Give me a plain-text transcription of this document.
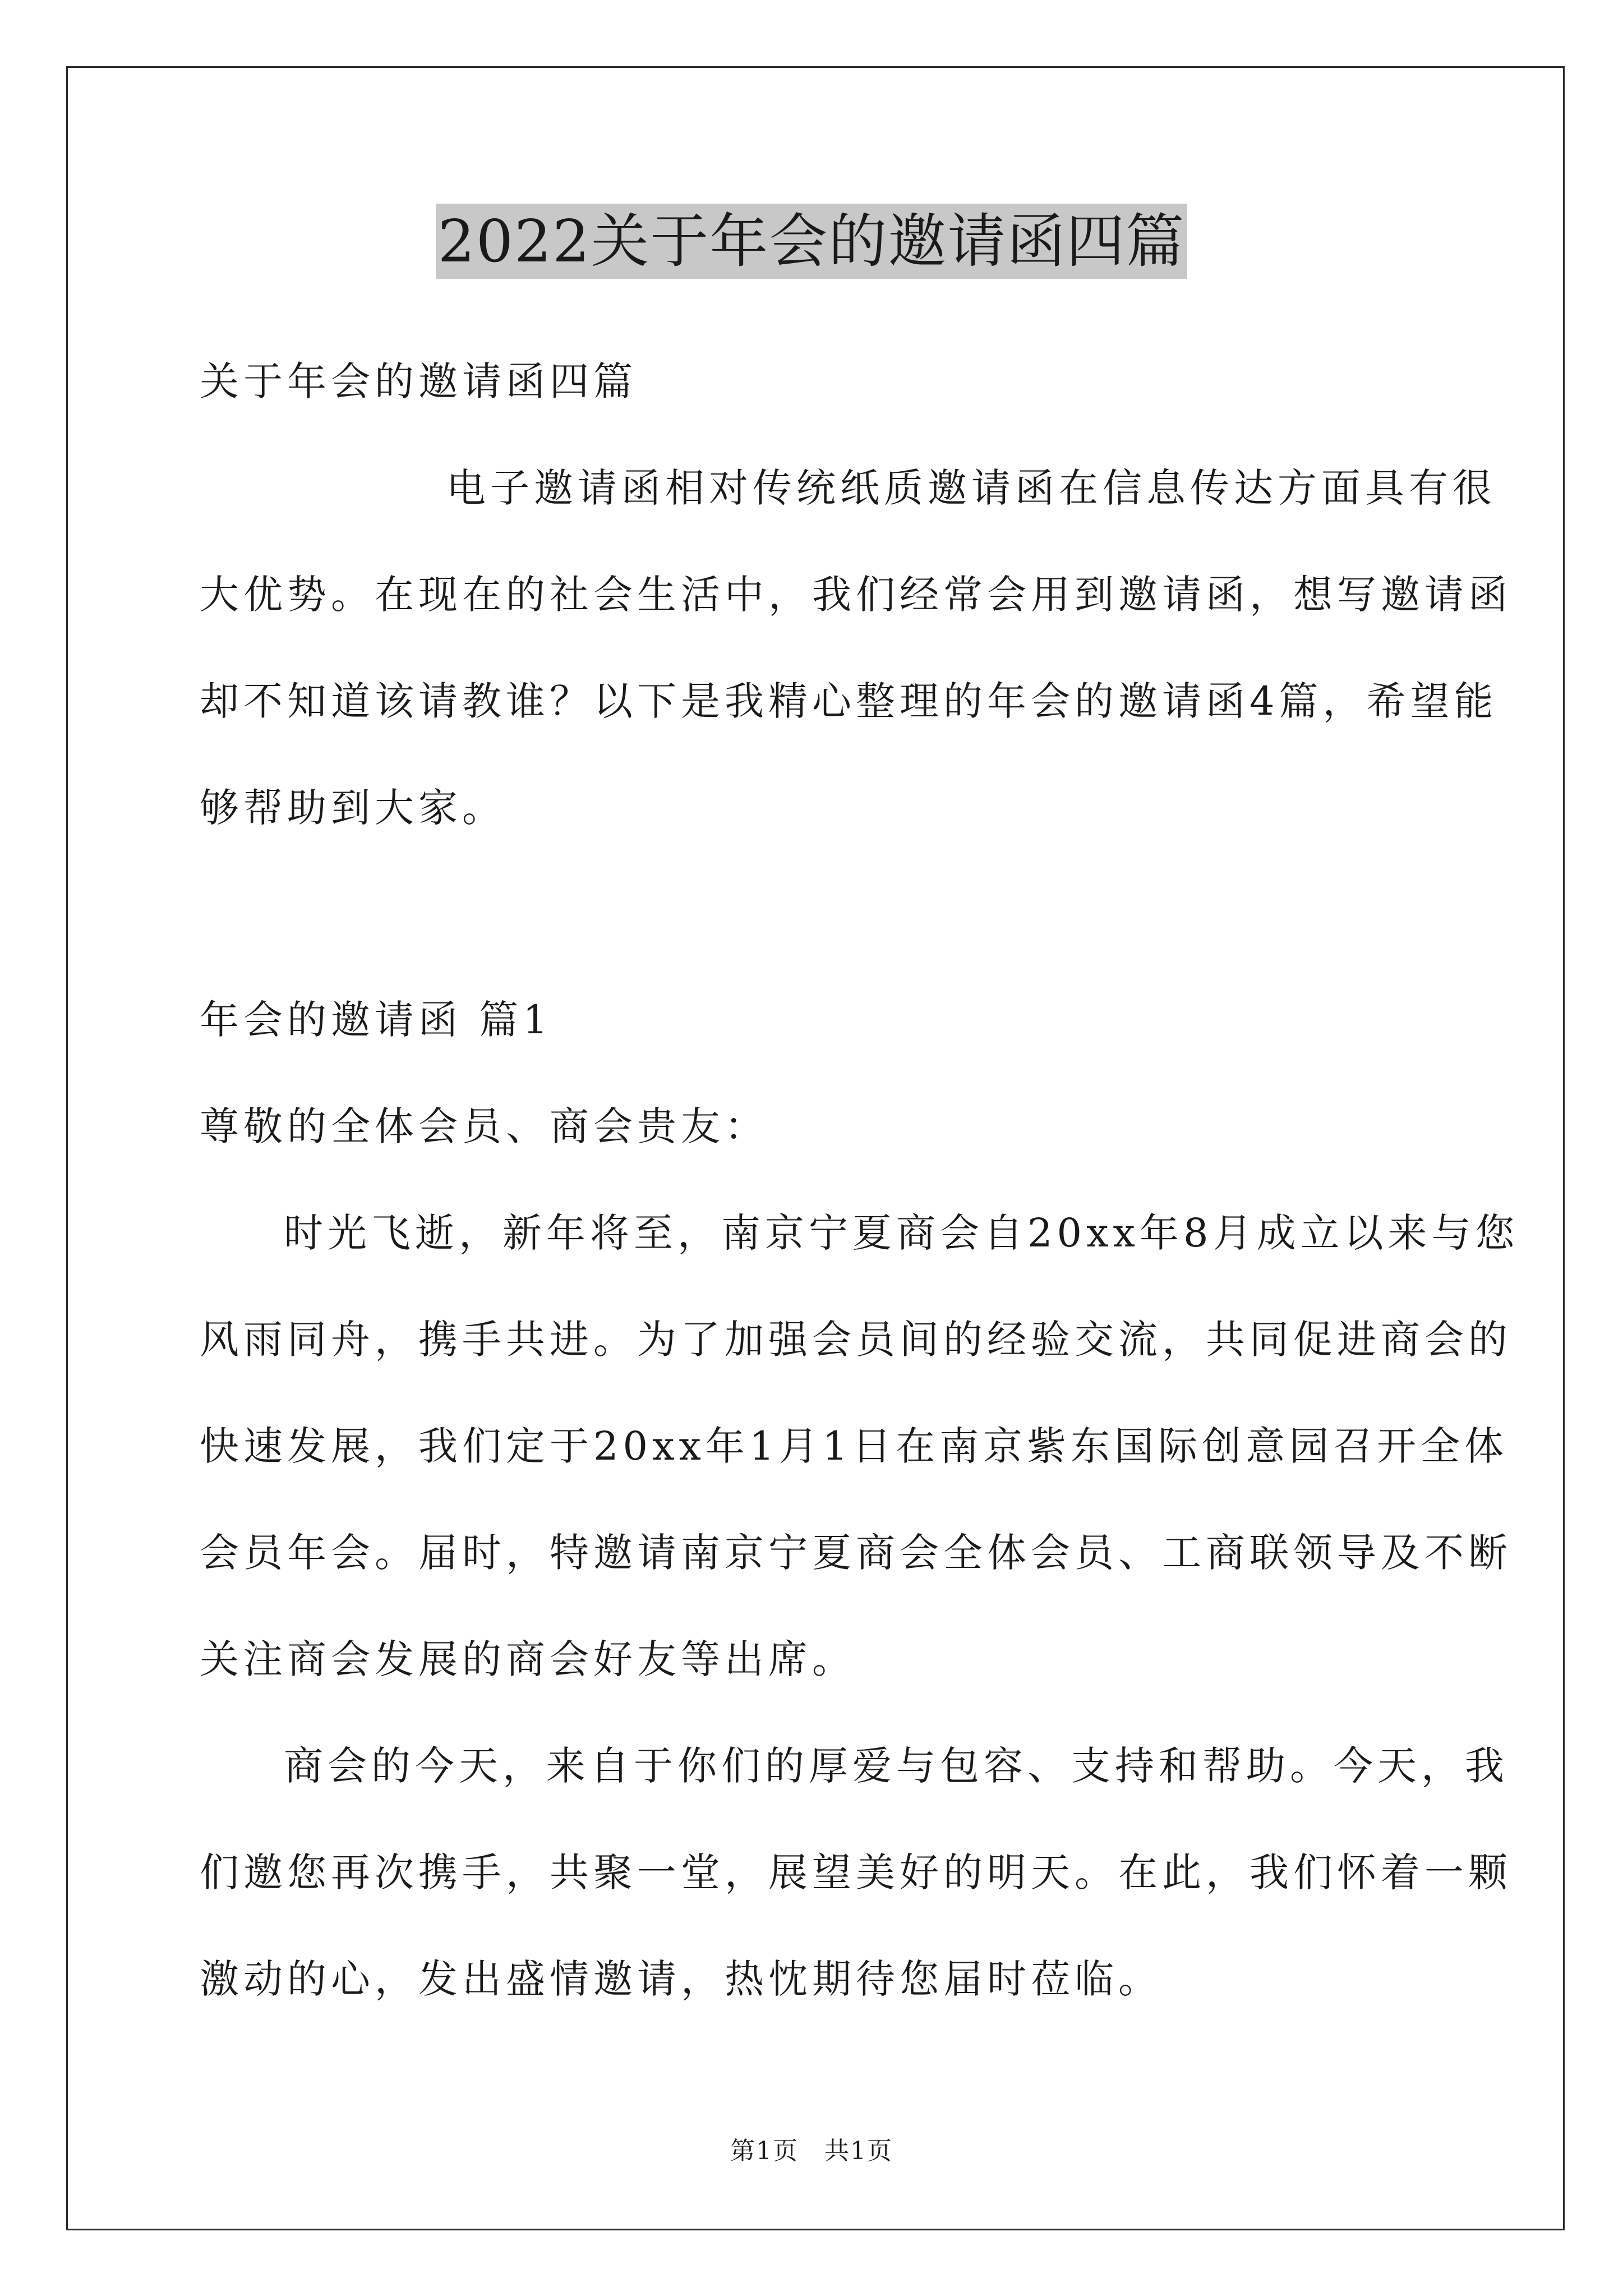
2022关于年会的邀请函四篇
关于年会的邀请函四篇
电子邀请函相对传统纸质邀请函在信息传达方面具有很
大优势。在现在的社会生活中，我们经常会用到邀请函，想写邀请函
却不知道该请教谁？以下是我精心整理的年会的邀请函4篇，希望能
够帮助到大家。
年会的邀请函 篇1
尊敬的全体会员、商会贵友：
时光飞逝，新年将至，南京宁夏商会自20xx年8月成立以来与您
风雨同舟，携手共进。为了加强会员间的经验交流，共同促进商会的
快速发展，我们定于20xx年1月1日在南京紫东国际创意园召开全体
会员年会。届时，特邀请南京宁夏商会全体会员、工商联领导及不断
关注商会发展的商会好友等出席。
商会的今天，来自于你们的厚爱与包容、支持和帮助。今天，我
们邀您再次携手，共聚一堂，展望美好的明天。在此，我们怀着一颗
激动的心，发出盛情邀请，热忱期待您届时莅临。
第1页　共1页
